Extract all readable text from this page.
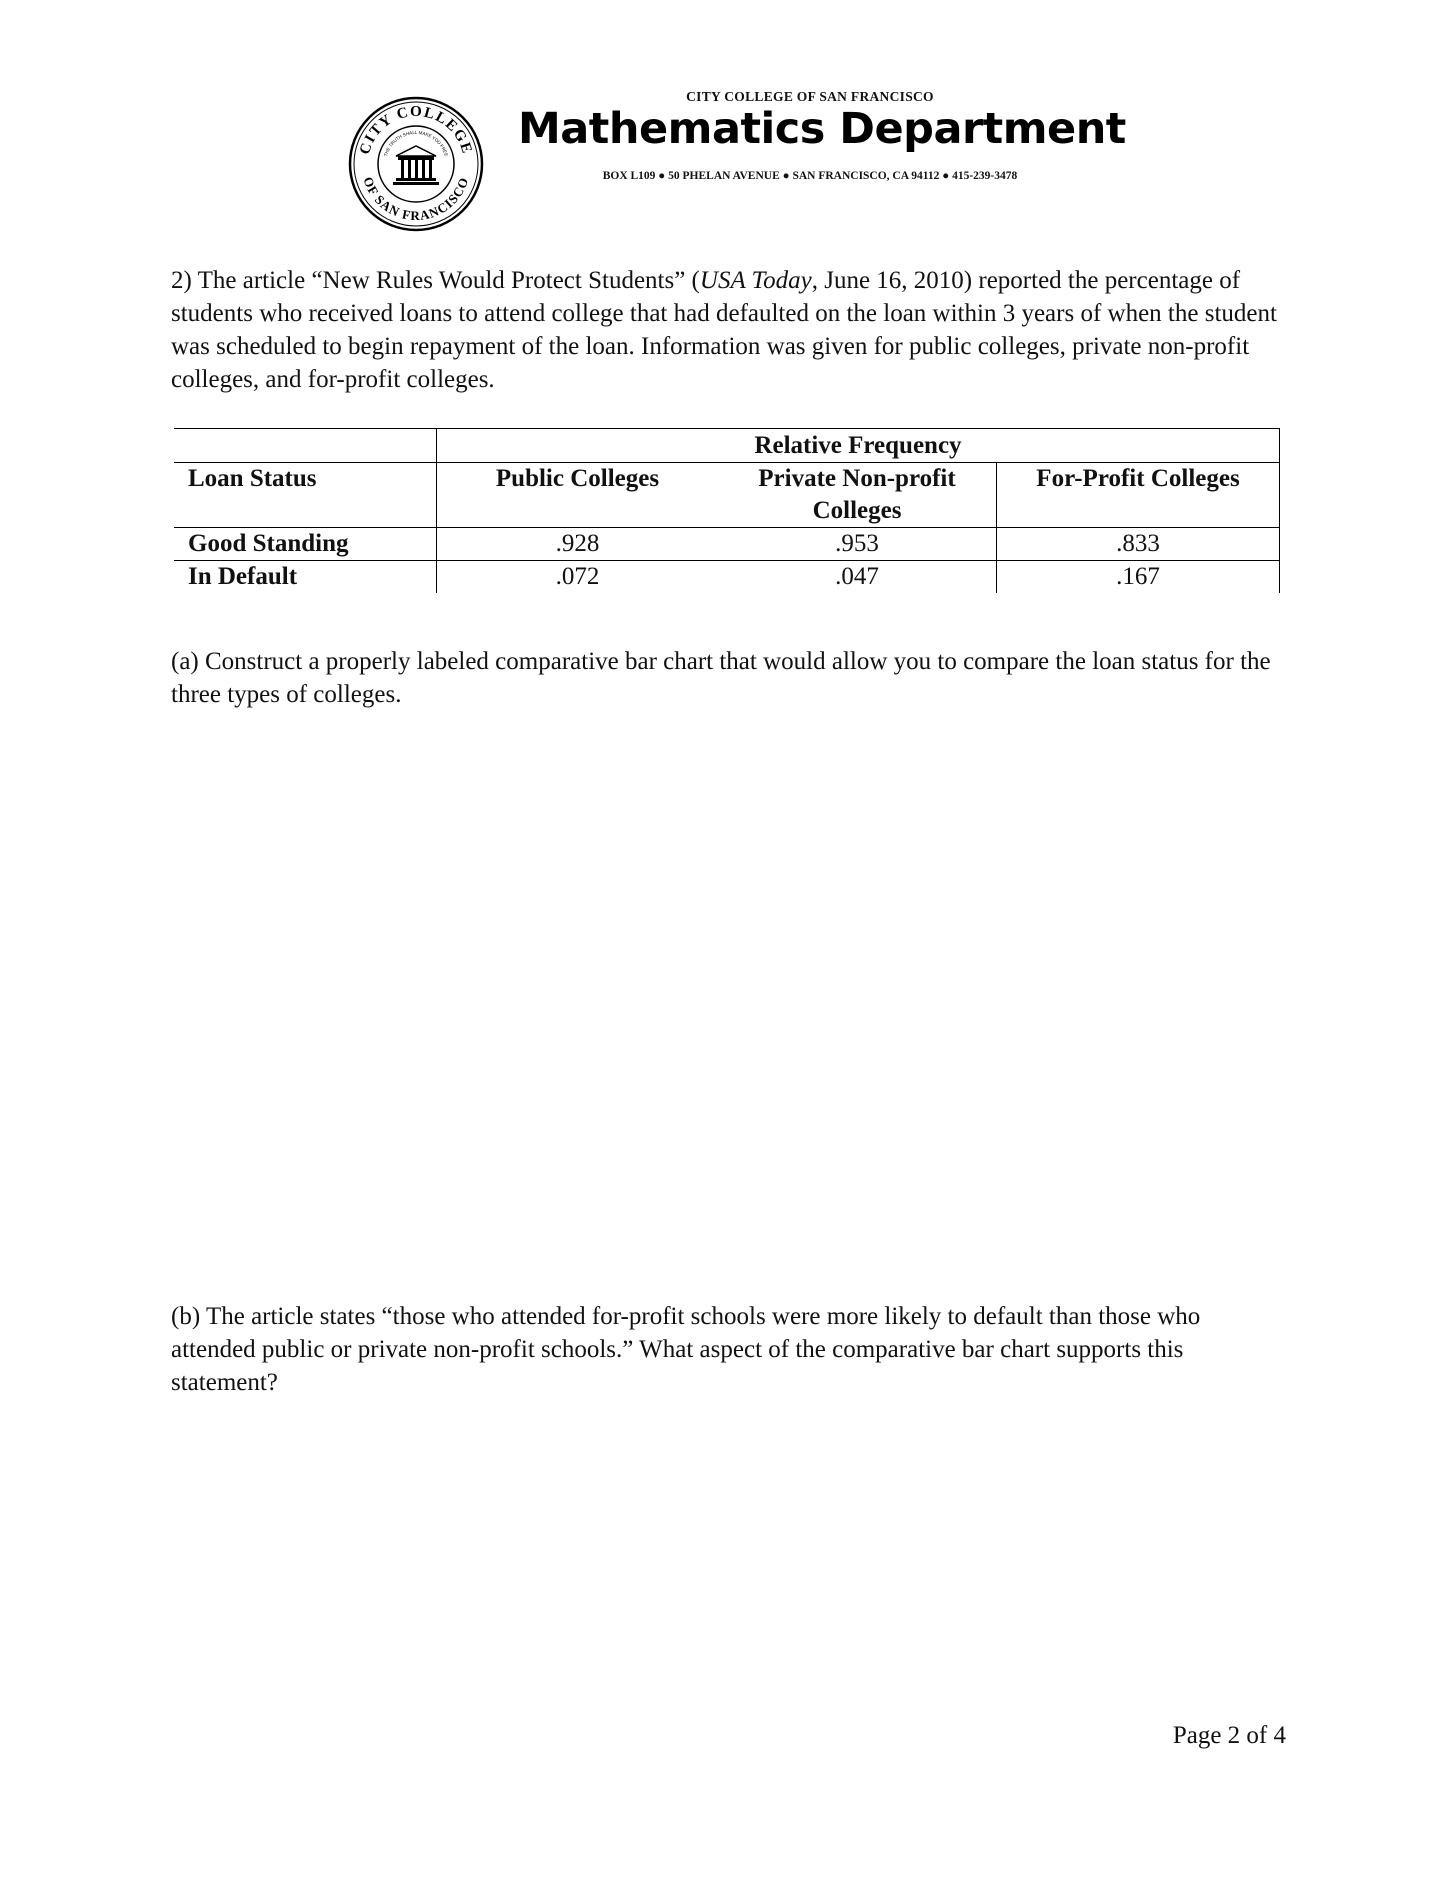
CITY COLLEGE
OF SAN FRANCISCO
THE TRUTH SHALL MAKE YOU FREE
CITY COLLEGE OF SAN FRANCISCO
Mathematics Department
BOX L109 ● 50 PHELAN AVENUE ● SAN FRANCISCO, CA 94112 ● 415-239-3478
2) The article “New Rules Would Protect Students” (USA Today, June 16, 2010) reported the percentage of students who received loans to attend college that had defaulted on the loan within 3 years of when the student was scheduled to begin repayment of the loan. Information was given for public colleges, private non-profit colleges, and for-profit colleges.
	Relative Frequency		
Loan Status	Public Colleges	Private Non-profit Colleges	For-Profit Colleges
Good Standing	.928	.953	.833
In Default	.072	.047	.167
(a) Construct a properly labeled comparative bar chart that would allow you to compare the loan status for the three types of colleges.
(b) The article states “those who attended for-profit schools were more likely to default than those who attended public or private non-profit schools.” What aspect of the comparative bar chart supports this statement?
Page 2 of 4
